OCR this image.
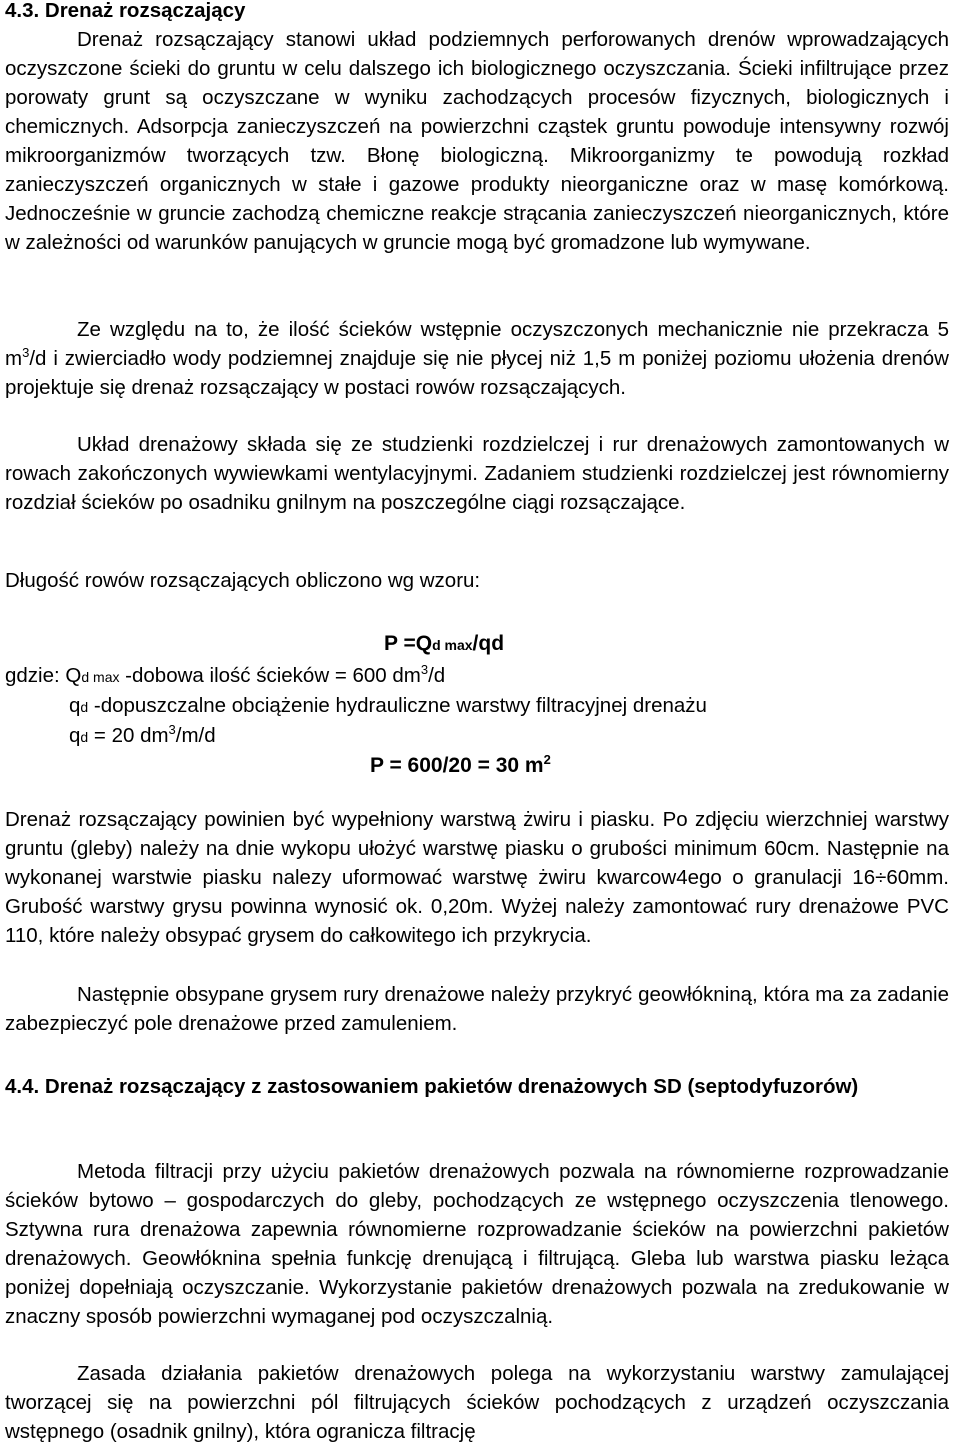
4.3. Drenaż rozsączający

Drenaż rozsączający stanowi układ podziemnych perforowanych drenów wprowadzających oczyszczone ścieki do gruntu w celu dalszego ich biologicznego oczyszczania. Ścieki infiltrujące przez porowaty grunt są oczyszczane w wyniku zachodzących procesów fizycznych, biologicznych i chemicznych. Adsorpcja zanieczyszczeń na powierzchni cząstek gruntu powoduje intensywny rozwój mikroorganizmów tworzących tzw. Błonę biologiczną. Mikroorganizmy te powodują rozkład zanieczyszczeń organicznych w stałe i gazowe produkty nieorganiczne oraz w masę komórkową. Jednocześnie w gruncie zachodzą chemiczne reakcje strącania zanieczyszczeń nieorganicznych, które w zależności od warunków panujących w gruncie mogą być gromadzone lub wymywane.

Ze względu na to, że ilość ścieków wstępnie oczyszczonych mechanicznie nie przekracza 5 $m^3/d$ i zwierciadło wody podziemnej znajduje się nie płycej niż 1,5 m poniżej poziomu ułożenia drenów projektuje się drenaż rozsączający w postaci rowów rozsączających.

Układ drenażowy składa się ze studzienki rozdzielczej i rur drenażowych zamontowanych w rowach zakończonych wywiewkami wentylacyjnymi. Zadaniem studzienki rozdzielczej jest równomierny rozdział ścieków po osadniku gnilnym na poszczególne ciągi rozsączające.

Długość rowów rozsączających obliczono wg wzoru:

P =Qd max/qd
gdzie: Qd max -dobowa ilość ścieków = 600 $dm^3/d$
qd -dopuszczalne obciążenie hydrauliczne warstwy filtracyjnej drenażu
qd = 20 $dm^3/m/d$
P = 600/20 = 30 $m^2$

Drenaż rozsączający powinien być wypełniony warstwą żwiru i piasku. Po zdjęciu wierzchniej warstwy gruntu (gleby) należy na dnie wykopu ułożyć warstwę piasku o grubości minimum 60cm. Następnie na wykonanej warstwie piasku nalezy uformować warstwę żwiru kwarcow4ego o granulacji 16÷60mm. Grubość warstwy grysu powinna wynosić ok. 0,20m. Wyżej należy zamontować rury drenażowe PVC 110, które należy obsypać grysem do całkowitego ich przykrycia.

Następnie obsypane grysem rury drenażowe należy przykryć geowłókniną, która ma za zadanie zabezpieczyć pole drenażowe przed zamuleniem.

4.4. Drenaż rozsączający z zastosowaniem pakietów drenażowych SD (septodyfuzorów)

Metoda filtracji przy użyciu pakietów drenażowych pozwala na równomierne rozprowadzanie ścieków bytowo – gospodarczych do gleby, pochodzących ze wstępnego oczyszczenia tlenowego. Sztywna rura drenażowa zapewnia równomierne rozprowadzanie ścieków na powierzchni pakietów drenażowych. Geowłóknina spełnia funkcję drenującą i filtrującą. Gleba lub warstwa piasku leżąca poniżej dopełniają oczyszczanie. Wykorzystanie pakietów drenażowych pozwala na zredukowanie w znaczny sposób powierzchni wymaganej pod oczyszczalnią.

Zasada działania pakietów drenażowych polega na wykorzystaniu warstwy zamulającej tworzącej się na powierzchni pól filtrujących ścieków pochodzących z urządzeń oczyszczania wstępnego (osadnik gnilny), która ogranicza filtrację
